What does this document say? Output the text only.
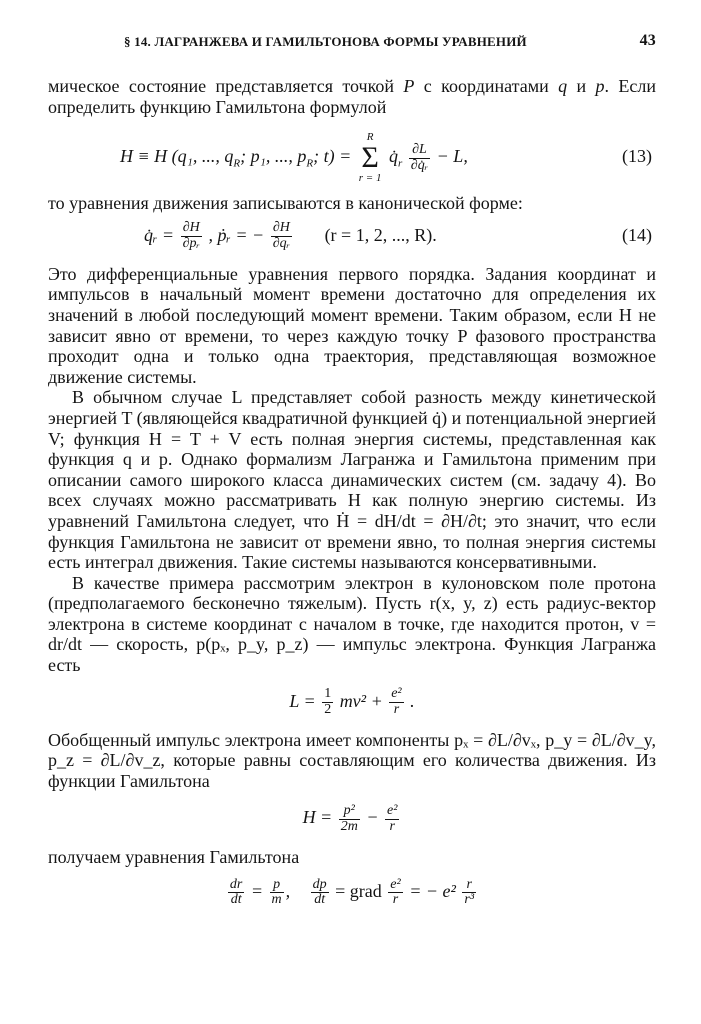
§ 14. ЛАГРАНЖЕВА И ГАМИЛЬТОНОВА ФОРМЫ УРАВНЕНИЙ	43

мическое состояние представляется точкой P с координатами q и p. Если определить функцию Гамильтона формулой

H ≡ H (q₁, ..., $q_R$; p₁, ..., $p_R$; t) =
R
Σ
r = 1
$q̇_r \frac{\partial L}{\text{∂q̇ᵣ}} - L$,	(13)

то уравнения движения записываются в канонической форме:

q̇ᵣ = $\frac{\partial H}{\text{∂pᵣ}}$ , ṗᵣ = − $\frac{\partial H}{\text{∂qᵣ}} (r = 1$, 2, ..., R).	(14)

Это дифференциальные уравнения первого порядка. Задания координат и импульсов в начальный момент времени достаточно для определения их значений в любой последующий момент времени. Таким образом, если H не зависит явно от времени, то через каждую точку P фазового пространства проходит одна и только одна траектория, представляющая возможное движение системы.

В обычном случае L представляет собой разность между кинетической энергией T (являющейся квадратичной функцией q̇) и потенциальной энергией V; функция H = T + V есть полная энергия системы, представленная как функция q и p. Однако формализм Лагранжа и Гамильтона применим при описании самого широкого класса динамических систем (см. задачу 4). Во всех случаях можно рассматривать H как полную энергию системы. Из уравнений Гамильтона следует, что Ḣ = dH/dt = ∂H/∂t; это значит, что если функция Гамильтона не зависит от времени явно, то полная энергия системы есть интеграл движения. Такие системы называются консервативными.

В качестве примера рассмотрим электрон в кулоновском поле протона (предполагаемого бесконечно тяжелым). Пусть r(x, y, z) есть радиус-вектор электрона в системе координат с началом в точке, где находится протон, v = dr/dt — скорость, p(pₓ, p_y, p_z) — импульс электрона. Функция Лагранжа есть

$L = \frac{1}{2} mv^2 + \frac{\text{e²}}{r}$ .

Обобщенный импульс электрона имеет компоненты pₓ = ∂L/∂vₓ, p_y = ∂L/∂v_y, p_z = ∂L/∂v_z, которые равны составляющим его количества движения. Из функции Гамильтона

$H = \frac{\text{p²}}{2m} - \frac{\text{e²}}{r}$

получаем уравнения Гамильтона

$\frac{dr}{dt} = \frac{p}{m}$ , $\frac{dp}{dt}$ = grad $\frac{\text{e²}}{r}$ = − $e^2 \frac{r}{\text{r³}}$
